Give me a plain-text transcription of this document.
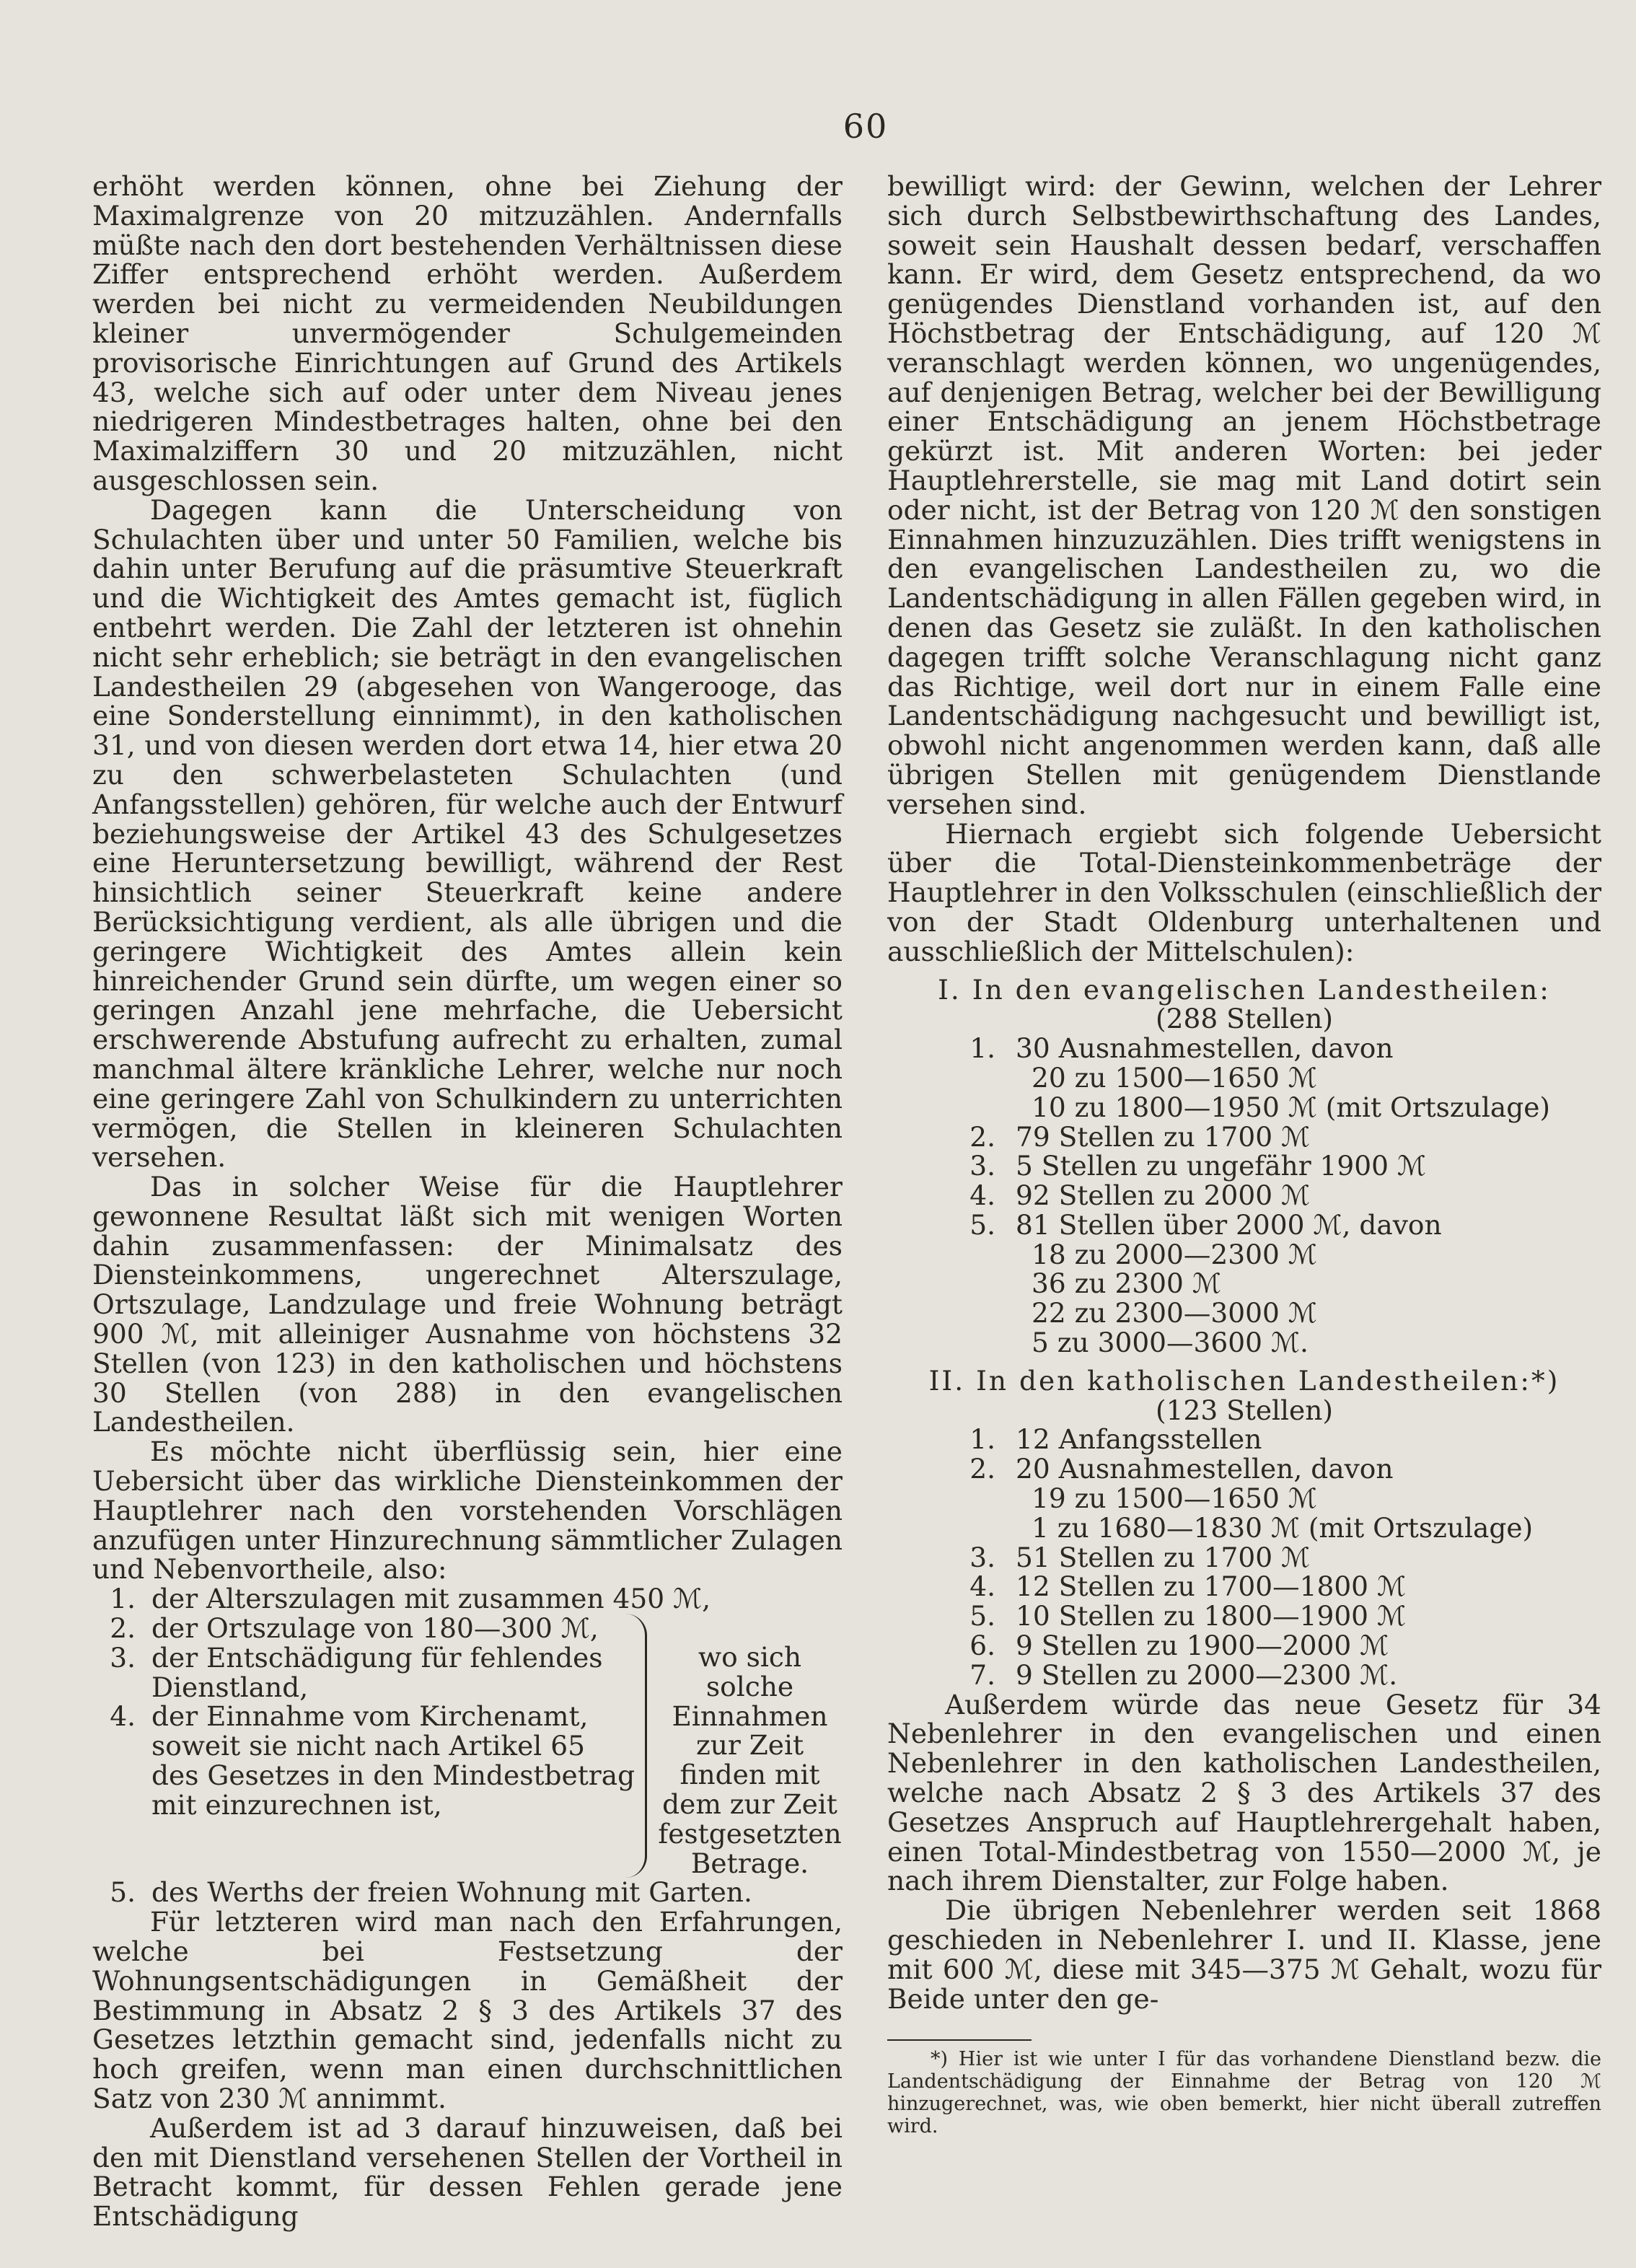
60

erhöht werden können, ohne bei Ziehung der Maximalgrenze von 20 mitzuzählen. Andernfalls müßte nach den dort bestehenden Verhältnissen diese Ziffer entsprechend erhöht werden. Außerdem werden bei nicht zu vermeidenden Neubildungen kleiner unvermögender Schulgemeinden provisorische Einrichtungen auf Grund des Artikels 43, welche sich auf oder unter dem Niveau jenes niedrigeren Mindestbetrages halten, ohne bei den Maximalziffern 30 und 20 mitzuzählen, nicht ausgeschlossen sein.

Dagegen kann die Unterscheidung von Schulachten über und unter 50 Familien, welche bis dahin unter Berufung auf die präsumtive Steuerkraft und die Wichtigkeit des Amtes gemacht ist, füglich entbehrt werden. Die Zahl der letzteren ist ohnehin nicht sehr erheblich; sie beträgt in den evangelischen Landestheilen 29 (abgesehen von Wangerooge, das eine Sonderstellung einnimmt), in den katholischen 31, und von diesen werden dort etwa 14, hier etwa 20 zu den schwerbelasteten Schulachten (und Anfangsstellen) gehören, für welche auch der Entwurf beziehungsweise der Artikel 43 des Schulgesetzes eine Heruntersetzung bewilligt, während der Rest hinsichtlich seiner Steuerkraft keine andere Berücksichtigung verdient, als alle übrigen und die geringere Wichtigkeit des Amtes allein kein hinreichender Grund sein dürfte, um wegen einer so geringen Anzahl jene mehrfache, die Uebersicht erschwerende Abstufung aufrecht zu erhalten, zumal manchmal ältere kränkliche Lehrer, welche nur noch eine geringere Zahl von Schulkindern zu unterrichten vermögen, die Stellen in kleineren Schulachten versehen.

Das in solcher Weise für die Hauptlehrer gewonnene Resultat läßt sich mit wenigen Worten dahin zusammenfassen: der Minimalsatz des Diensteinkommens, ungerechnet Alterszulage, Ortszulage, Landzulage und freie Wohnung beträgt 900 ℳ, mit alleiniger Ausnahme von höchstens 32 Stellen (von 123) in den katholischen und höchstens 30 Stellen (von 288) in den evangelischen Landestheilen.

Es möchte nicht überflüssig sein, hier eine Uebersicht über das wirkliche Diensteinkommen der Hauptlehrer nach den vorstehenden Vorschlägen anzufügen unter Hinzurechnung sämmtlicher Zulagen und Nebenvortheile, also:

1. der Alterszulagen mit zusammen 450 ℳ,
2. der Ortszulage von 180—300 ℳ,
3. der Entschädigung für fehlendes Dienstland,
4. der Einnahme vom Kirchenamt, soweit sie nicht nach Artikel 65 des Gesetzes in den Mindestbetrag mit einzurechnen ist,
wo sich solche Einnahmen zur Zeit finden mit dem zur Zeit festgesetzten Betrage.
5. des Werths der freien Wohnung mit Garten.

Für letzteren wird man nach den Erfahrungen, welche bei Festsetzung der Wohnungsentschädigungen in Gemäßheit der Bestimmung in Absatz 2 § 3 des Artikels 37 des Gesetzes letzthin gemacht sind, jedenfalls nicht zu hoch greifen, wenn man einen durchschnittlichen Satz von 230 ℳ annimmt.

Außerdem ist ad 3 darauf hinzuweisen, daß bei den mit Dienstland versehenen Stellen der Vortheil in Betracht kommt, für dessen Fehlen gerade jene Entschädigung

bewilligt wird: der Gewinn, welchen der Lehrer sich durch Selbstbewirthschaftung des Landes, soweit sein Haushalt dessen bedarf, verschaffen kann. Er wird, dem Gesetz entsprechend, da wo genügendes Dienstland vorhanden ist, auf den Höchstbetrag der Entschädigung, auf 120 ℳ veranschlagt werden können, wo ungenügendes, auf denjenigen Betrag, welcher bei der Bewilligung einer Entschädigung an jenem Höchstbetrage gekürzt ist. Mit anderen Worten: bei jeder Hauptlehrerstelle, sie mag mit Land dotirt sein oder nicht, ist der Betrag von 120 ℳ den sonstigen Einnahmen hinzuzuzählen. Dies trifft wenigstens in den evangelischen Landestheilen zu, wo die Landentschädigung in allen Fällen gegeben wird, in denen das Gesetz sie zuläßt. In den katholischen dagegen trifft solche Veranschlagung nicht ganz das Richtige, weil dort nur in einem Falle eine Landentschädigung nachgesucht und bewilligt ist, obwohl nicht angenommen werden kann, daß alle übrigen Stellen mit genügendem Dienstlande versehen sind.

Hiernach ergiebt sich folgende Uebersicht über die Total-Diensteinkommenbeträge der Hauptlehrer in den Volksschulen (einschließlich der von der Stadt Oldenburg unterhaltenen und ausschließlich der Mittelschulen):

I. In den evangelischen Landestheilen:
(288 Stellen)
1. 30 Ausnahmestellen, davon
20 zu 1500—1650 ℳ
10 zu 1800—1950 ℳ (mit Ortszulage)
2. 79 Stellen zu 1700 ℳ
3. 5 Stellen zu ungefähr 1900 ℳ
4. 92 Stellen zu 2000 ℳ
5. 81 Stellen über 2000 ℳ, davon
18 zu 2000—2300 ℳ
36 zu 2300 ℳ
22 zu 2300—3000 ℳ
5 zu 3000—3600 ℳ.
II. In den katholischen Landestheilen:*)
(123 Stellen)
1. 12 Anfangsstellen
2. 20 Ausnahmestellen, davon
19 zu 1500—1650 ℳ
1 zu 1680—1830 ℳ (mit Ortszulage)
3. 51 Stellen zu 1700 ℳ
4. 12 Stellen zu 1700—1800 ℳ
5. 10 Stellen zu 1800—1900 ℳ
6. 9 Stellen zu 1900—2000 ℳ
7. 9 Stellen zu 2000—2300 ℳ.

Außerdem würde das neue Gesetz für 34 Nebenlehrer in den evangelischen und einen Nebenlehrer in den katholischen Landestheilen, welche nach Absatz 2 § 3 des Artikels 37 des Gesetzes Anspruch auf Hauptlehrergehalt haben, einen Total-Mindestbetrag von 1550—2000 ℳ, je nach ihrem Dienstalter, zur Folge haben.

Die übrigen Nebenlehrer werden seit 1868 geschieden in Nebenlehrer I. und II. Klasse, jene mit 600 ℳ, diese mit 345—375 ℳ Gehalt, wozu für Beide unter den ge-

*) Hier ist wie unter I für das vorhandene Dienstland bezw. die Landentschädigung der Einnahme der Betrag von 120 ℳ hinzugerechnet, was, wie oben bemerkt, hier nicht überall zutreffen wird.
